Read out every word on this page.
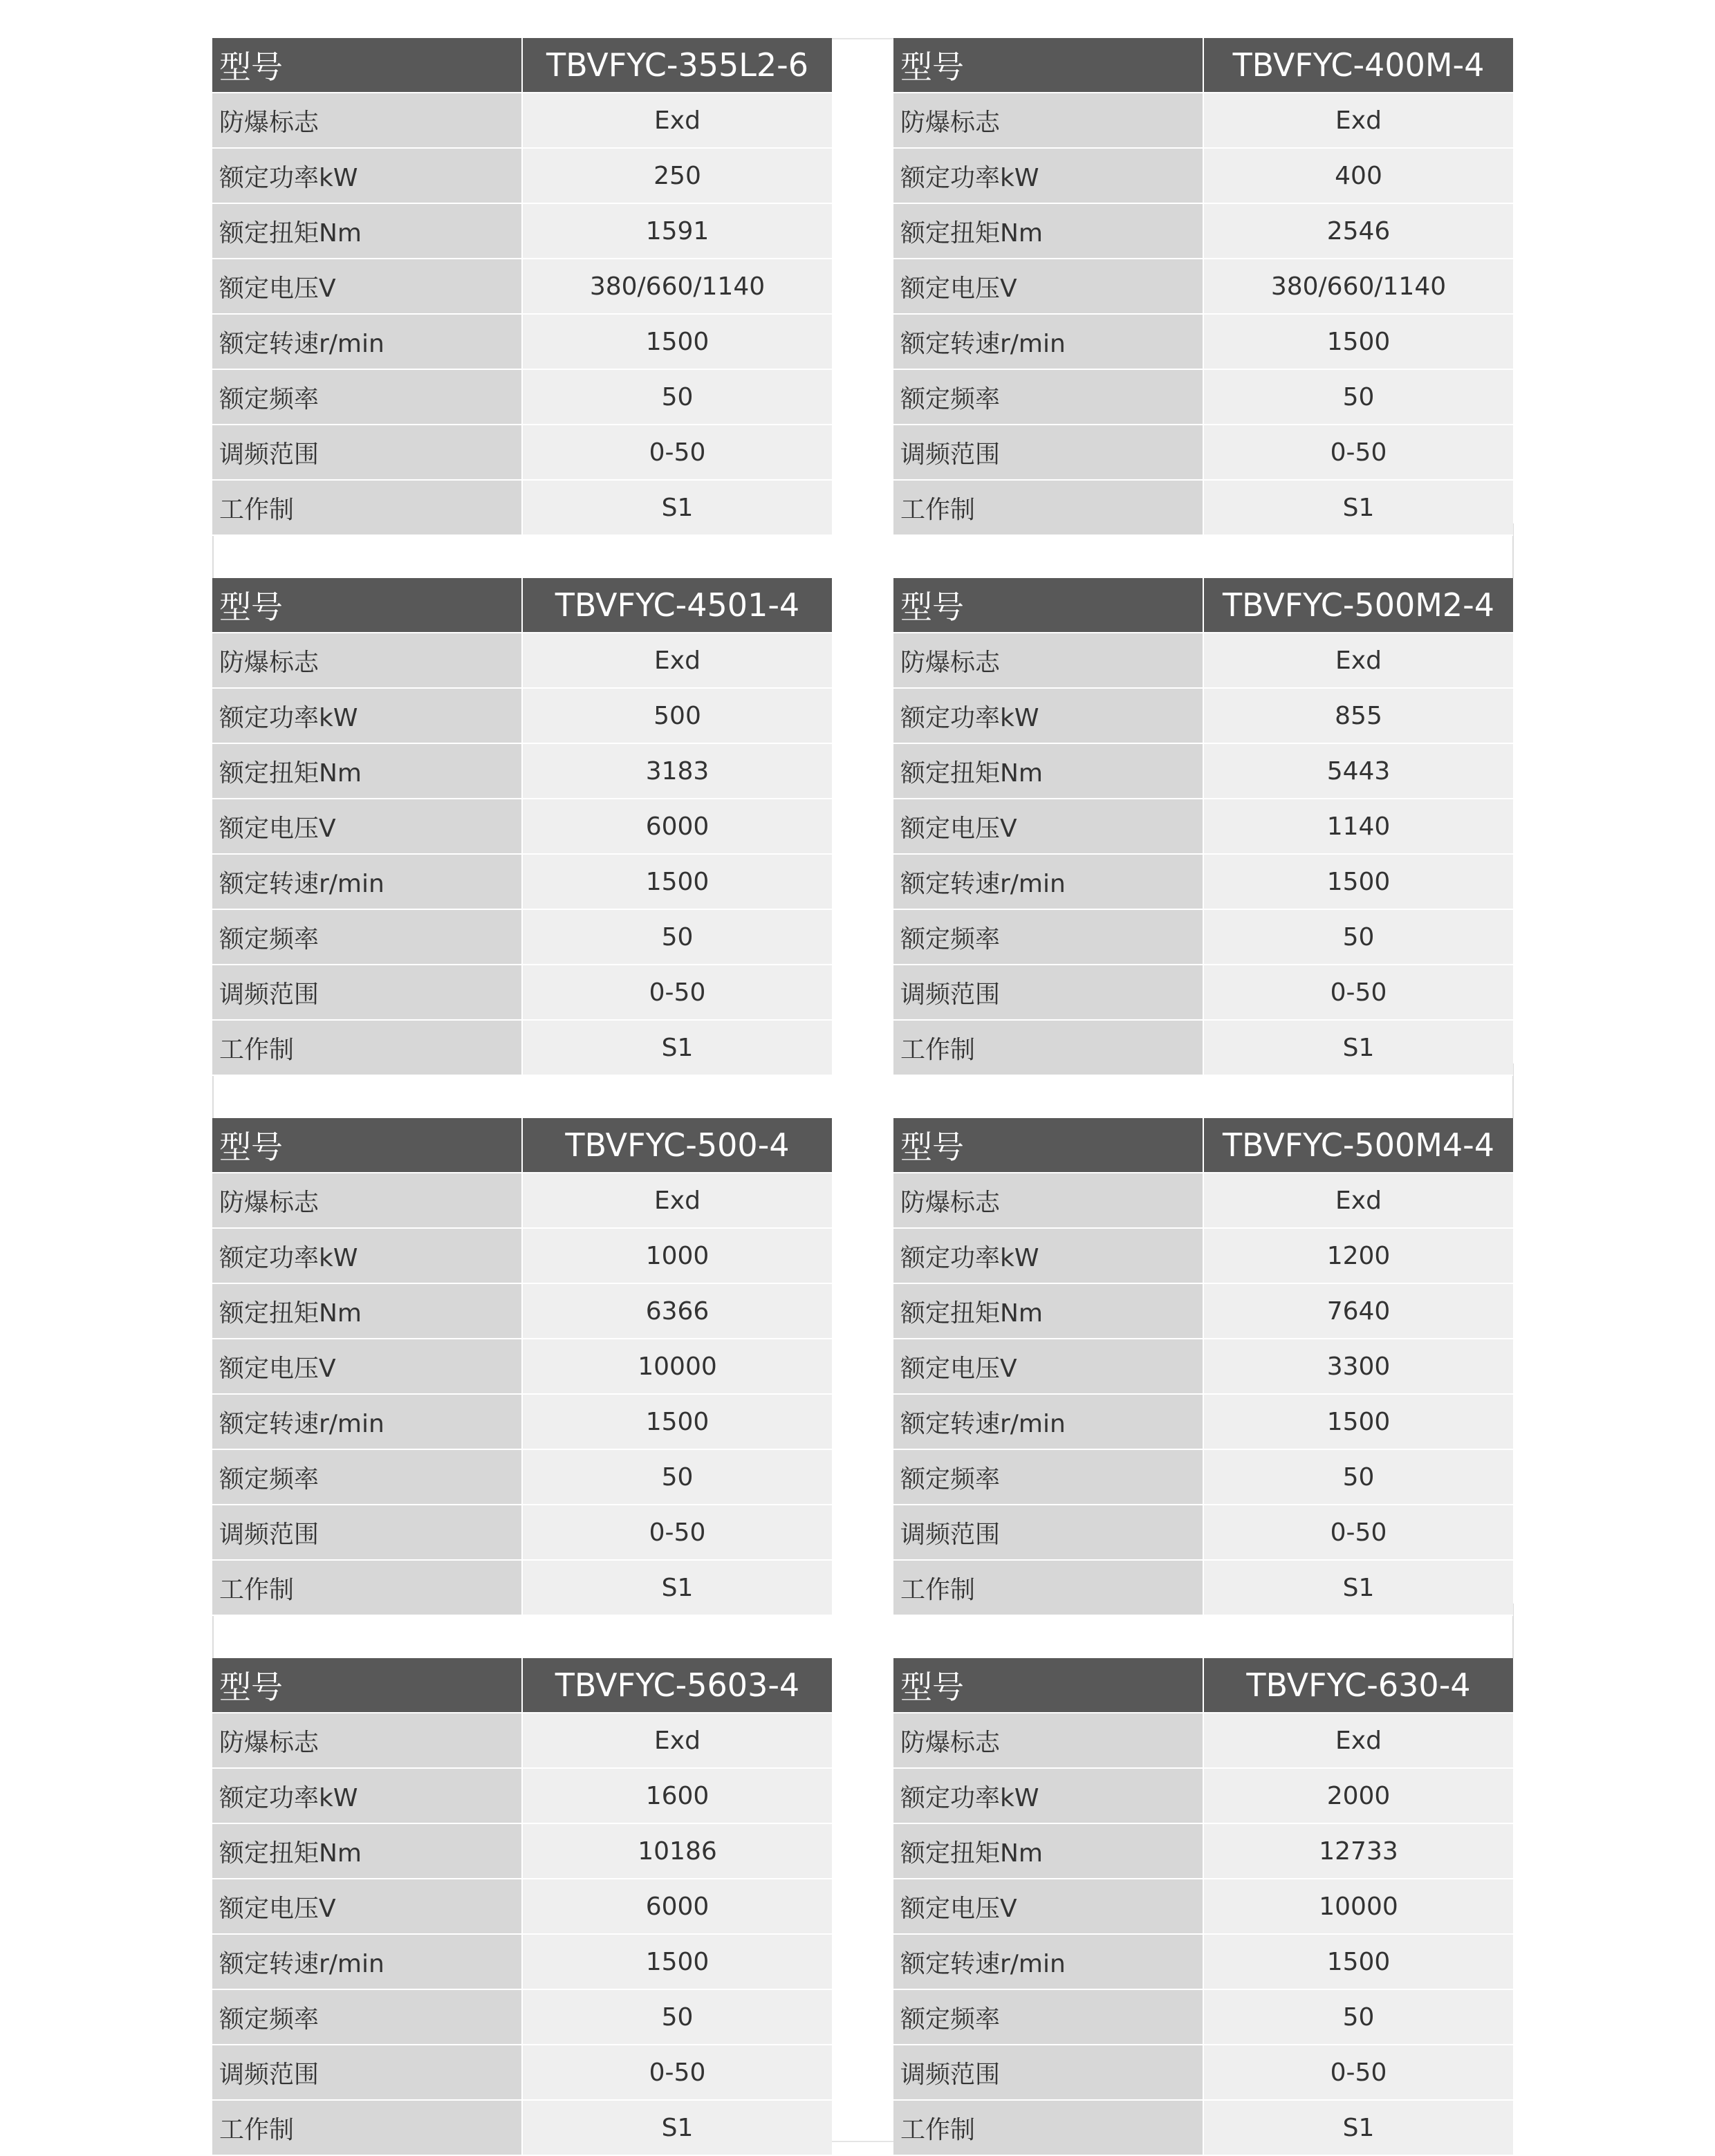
型号	TBVFYC-355L2-6
防爆标志	Exd
额定功率kW	250
额定扭矩Nm	1591
额定电压V	380/660/1140
额定转速r/min	1500
额定频率	50
调频范围	0-50
工作制	S1
型号	TBVFYC-400M-4
防爆标志	Exd
额定功率kW	400
额定扭矩Nm	2546
额定电压V	380/660/1140
额定转速r/min	1500
额定频率	50
调频范围	0-50
工作制	S1
型号	TBVFYC-4501-4
防爆标志	Exd
额定功率kW	500
额定扭矩Nm	3183
额定电压V	6000
额定转速r/min	1500
额定频率	50
调频范围	0-50
工作制	S1
型号	TBVFYC-500M2-4
防爆标志	Exd
额定功率kW	855
额定扭矩Nm	5443
额定电压V	1140
额定转速r/min	1500
额定频率	50
调频范围	0-50
工作制	S1
型号	TBVFYC-500-4
防爆标志	Exd
额定功率kW	1000
额定扭矩Nm	6366
额定电压V	10000
额定转速r/min	1500
额定频率	50
调频范围	0-50
工作制	S1
型号	TBVFYC-500M4-4
防爆标志	Exd
额定功率kW	1200
额定扭矩Nm	7640
额定电压V	3300
额定转速r/min	1500
额定频率	50
调频范围	0-50
工作制	S1
型号	TBVFYC-5603-4
防爆标志	Exd
额定功率kW	1600
额定扭矩Nm	10186
额定电压V	6000
额定转速r/min	1500
额定频率	50
调频范围	0-50
工作制	S1
型号	TBVFYC-630-4
防爆标志	Exd
额定功率kW	2000
额定扭矩Nm	12733
额定电压V	10000
额定转速r/min	1500
额定频率	50
调频范围	0-50
工作制	S1
